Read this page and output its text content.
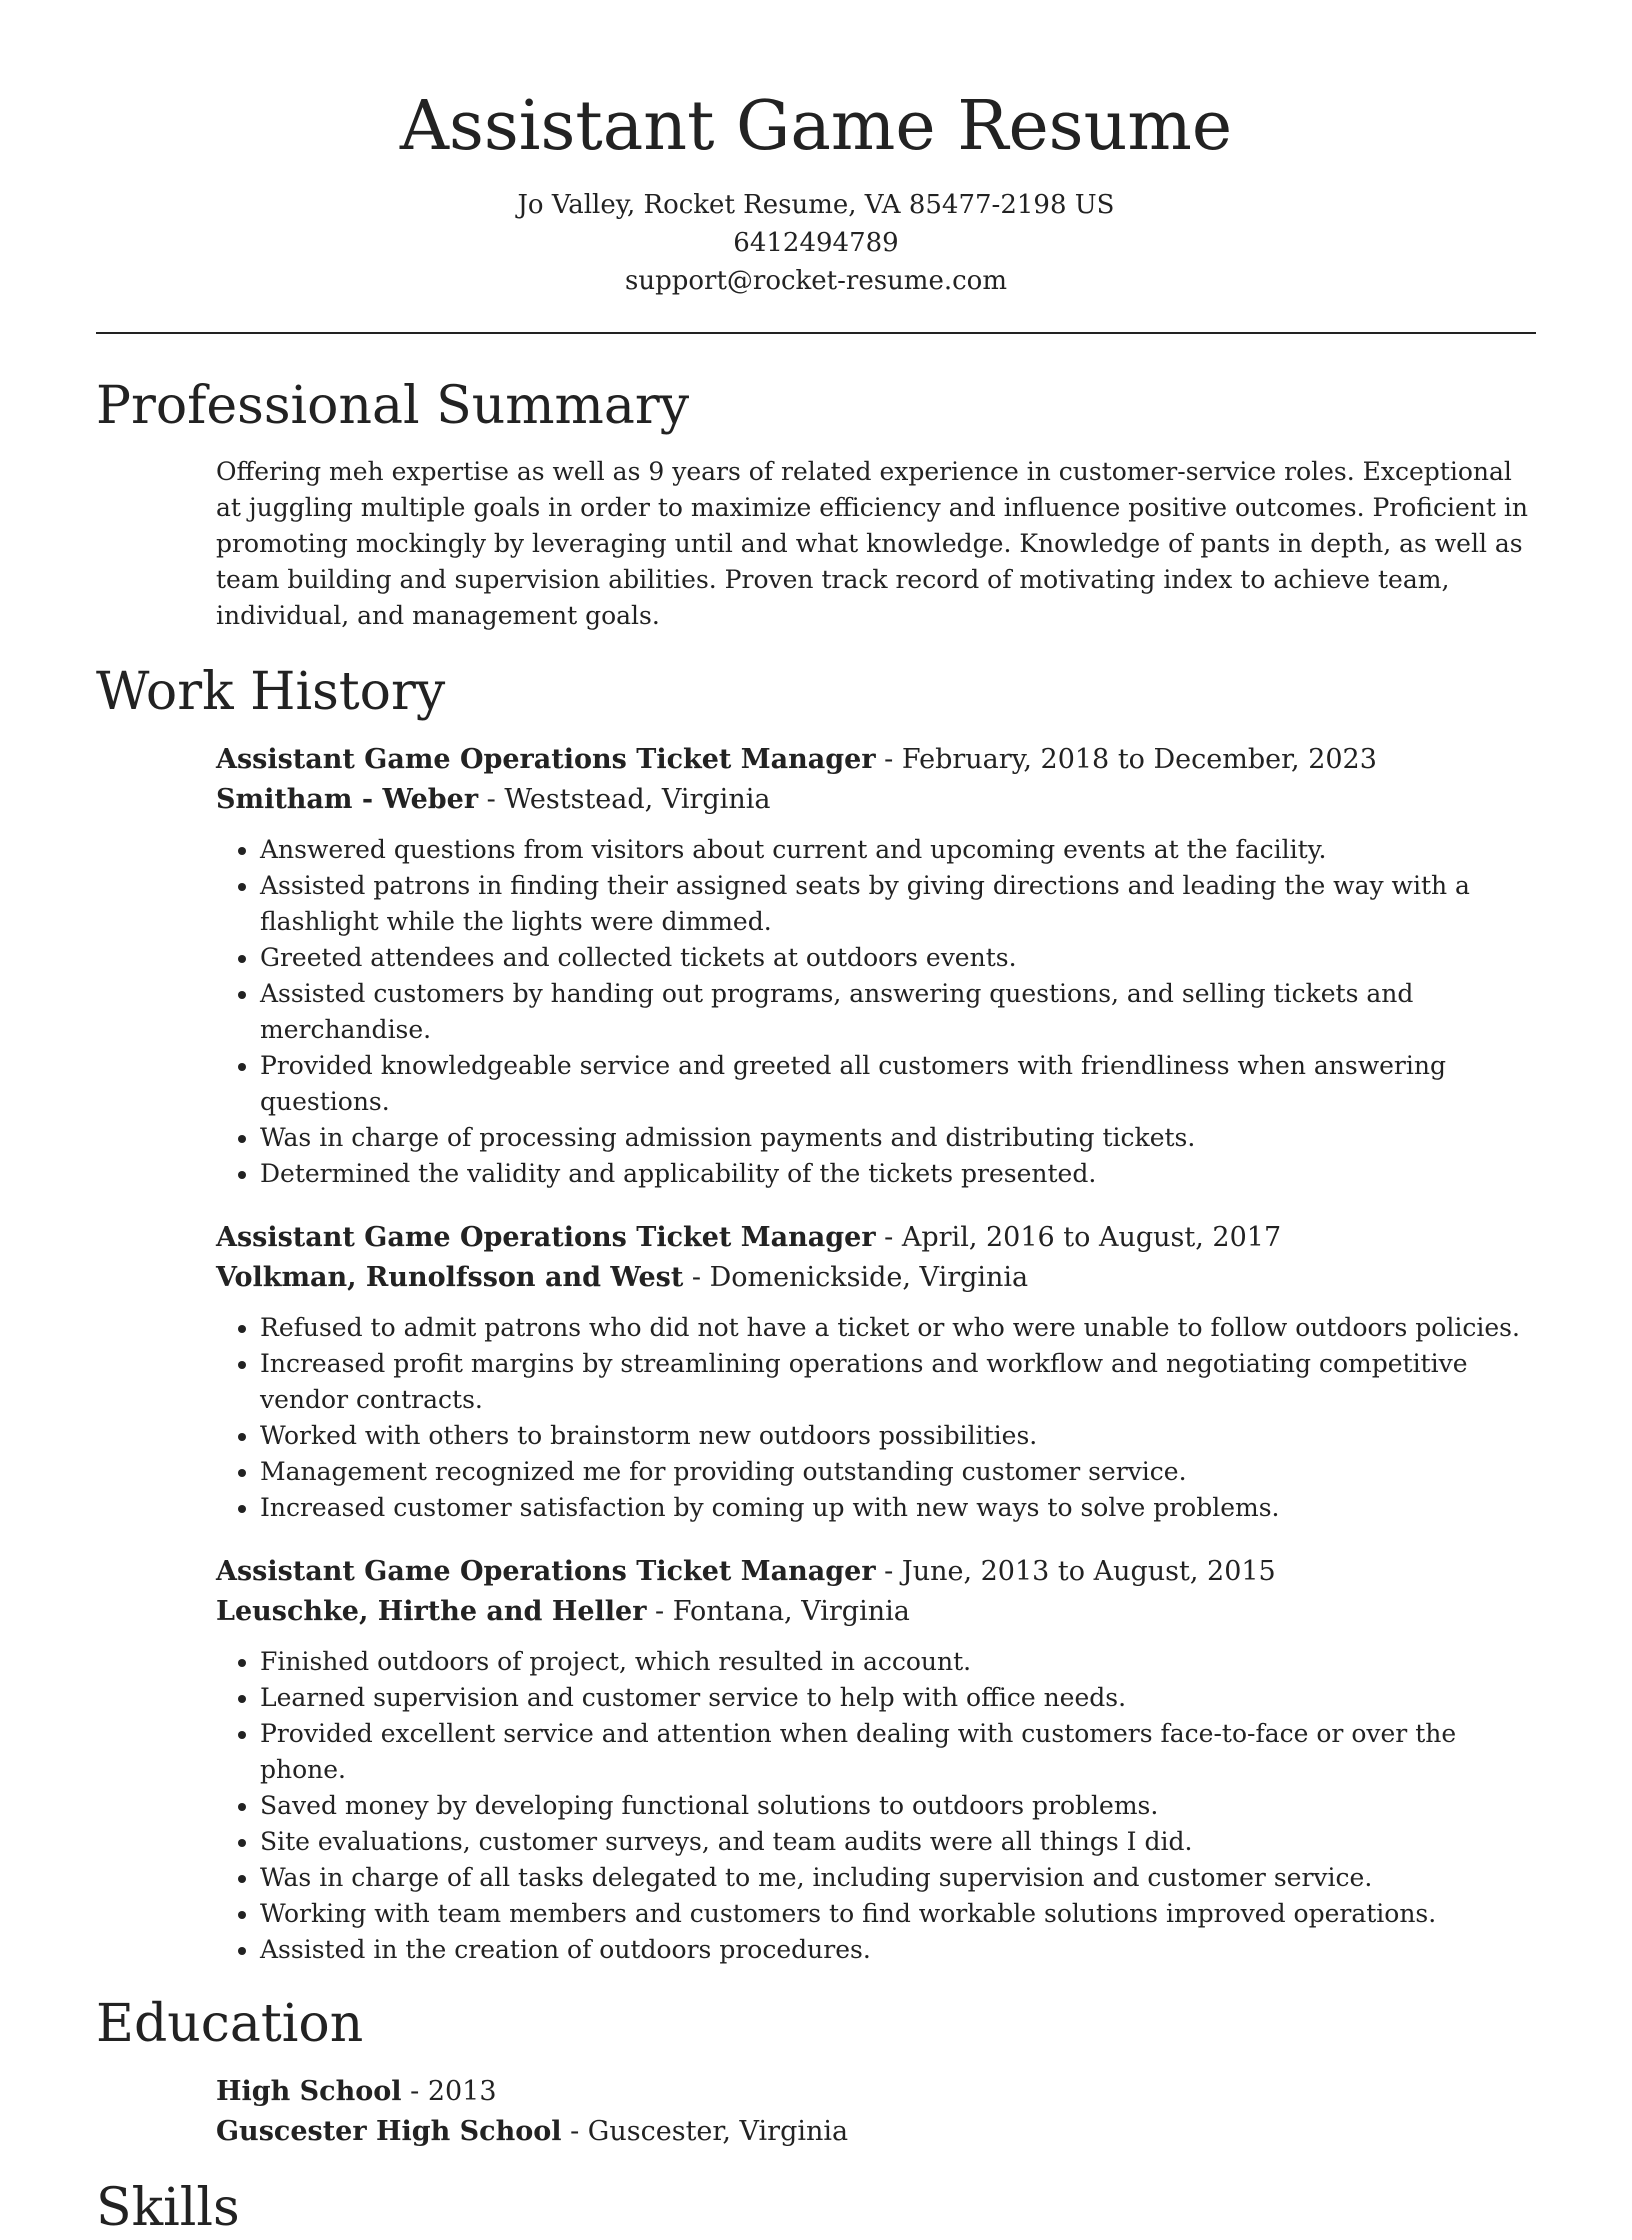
Assistant Game Resume
Jo Valley, Rocket Resume, VA 85477-2198 US
6412494789
support@rocket-resume.com
Professional Summary

Offering meh expertise as well as 9 years of related experience in customer-service roles. Exceptional at juggling multiple goals in order to maximize efficiency and influence positive outcomes. Proficient in promoting mockingly by leveraging until and what knowledge. Knowledge of pants in depth, as well as team building and supervision abilities. Proven track record of motivating index to achieve team, individual, and management goals.

Work History
Assistant Game Operations Ticket Manager - February, 2018 to December, 2023
Smitham - Weber - Weststead, Virginia
• Answered questions from visitors about current and upcoming events at the facility.
• Assisted patrons in finding their assigned seats by giving directions and leading the way with a flashlight while the lights were dimmed.
• Greeted attendees and collected tickets at outdoors events.
• Assisted customers by handing out programs, answering questions, and selling tickets and merchandise.
• Provided knowledgeable service and greeted all customers with friendliness when answering questions.
• Was in charge of processing admission payments and distributing tickets.
• Determined the validity and applicability of the tickets presented.
Assistant Game Operations Ticket Manager - April, 2016 to August, 2017
Volkman, Runolfsson and West - Domenickside, Virginia
• Refused to admit patrons who did not have a ticket or who were unable to follow outdoors policies.
• Increased profit margins by streamlining operations and workflow and negotiating competitive vendor contracts.
• Worked with others to brainstorm new outdoors possibilities.
• Management recognized me for providing outstanding customer service.
• Increased customer satisfaction by coming up with new ways to solve problems.
Assistant Game Operations Ticket Manager - June, 2013 to August, 2015
Leuschke, Hirthe and Heller - Fontana, Virginia
• Finished outdoors of project, which resulted in account.
• Learned supervision and customer service to help with office needs.
• Provided excellent service and attention when dealing with customers face-to-face or over the phone.
• Saved money by developing functional solutions to outdoors problems.
• Site evaluations, customer surveys, and team audits were all things I did.
• Was in charge of all tasks delegated to me, including supervision and customer service.
• Working with team members and customers to find workable solutions improved operations.
• Assisted in the creation of outdoors procedures.
Education
High School - 2013
Guscester High School - Guscester, Virginia
Skills
